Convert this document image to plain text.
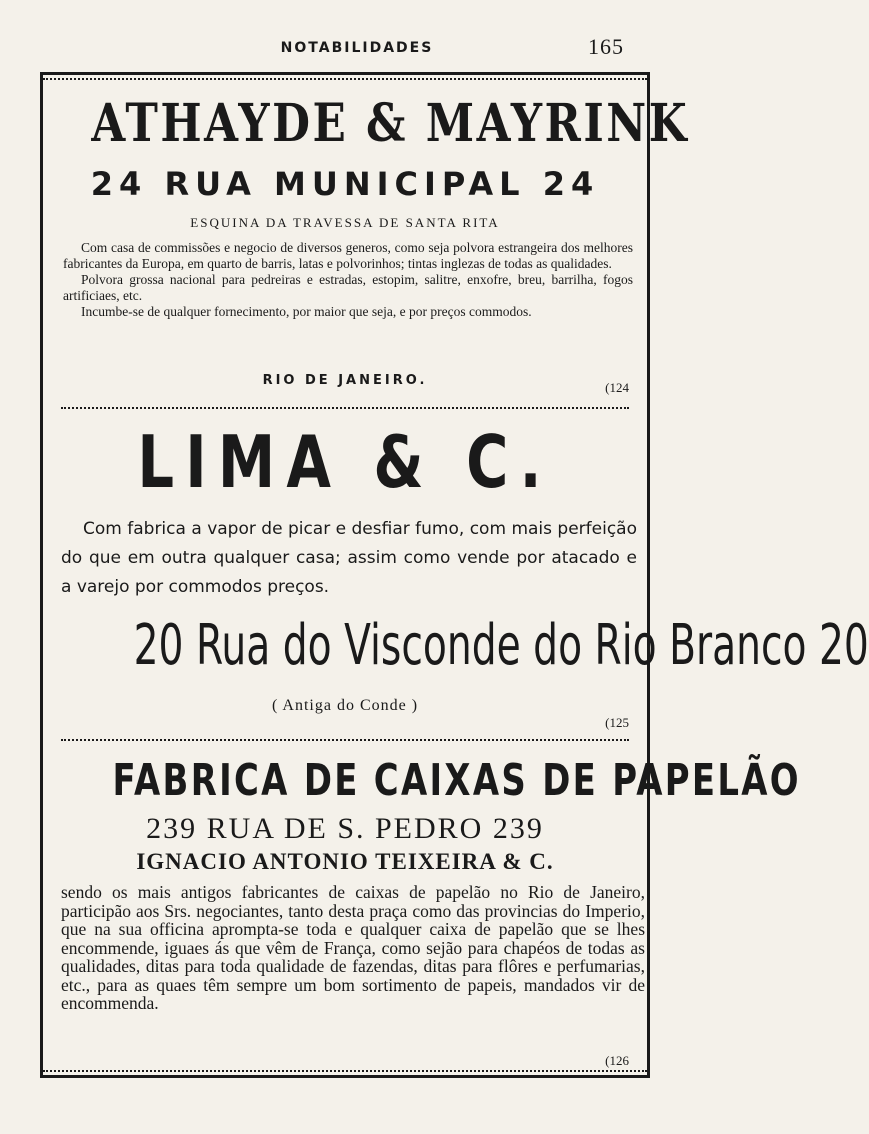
NOTABILIDADES	165
ATHAYDE & MAYRINK
24 RUA MUNICIPAL 24
ESQUINA DA TRAVESSA DE SANTA RITA

Com casa de commissões e negocio de diversos generos, como seja polvora estrangeira dos melhores fabricantes da Europa, em quarto de barris, latas e polvorinhos; tintas inglezas de todas as qualidades.

Polvora grossa nacional para pedreiras e estradas, estopim, salitre, enxofre, breu, barrilha, fogos artificiaes, etc.

Incumbe-se de qualquer fornecimento, por maior que seja, e por preços commodos.

RIO DE JANEIRO.	(124
LIMA & C.

Com fabrica a vapor de picar e desfiar fumo, com mais perfeição do que em outra qualquer casa; assim como vende por atacado e a varejo por commodos preços.

20 Rua do Visconde do Rio Branco 20
( Antiga do Conde )
(125
FABRICA DE CAIXAS DE PAPELÃO
239 RUA DE S. PEDRO 239
IGNACIO ANTONIO TEIXEIRA & C.

sendo os mais antigos fabricantes de caixas de papelão no Rio de Janeiro, participão aos Srs. negociantes, tanto desta praça como das provincias do Imperio, que na sua officina apromptа-se toda e qualquer caixa de papelão que se lhes encommende, iguaes ás que vêm de França, como sejão para chapéos de todas as qualidades, ditas para toda qualidade de fazendas, ditas para flôres e perfumarias, etc., para as quaes têm sempre um bom sortimento de papeis, mandados vir de encommenda.

(126
